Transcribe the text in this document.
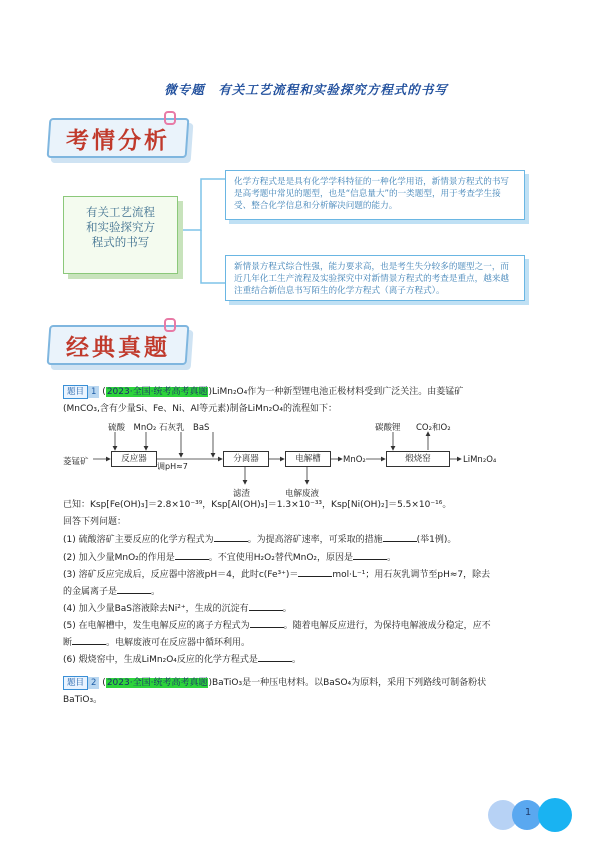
微专题　有关工艺流程和实验探究方程式的书写
考情分析
有关工艺流程
和实验探究方
程式的书写
化学方程式是是具有化学学科特征的一种化学用语，新情景方程式的书写是高考题中常见的题型，也是“信息量大”的一类题型，用于考查学生接受、整合化学信息和分析解决问题的能力。
新情景方程式综合性强，能力要求高，也是考生失分较多的题型之一，而近几年化工生产流程及实验探究中对新情景方程式的考查是重点，越来越注重结合新信息书写陌生的化学方程式（离子方程式）。
经典真题
题目 1 (2023·全国·统考高考真题)LiMn₂O₄作为一种新型锂电池正极材料受到广泛关注。由菱锰矿
(MnCO₃,含有少量Si、Fe、Ni、Al等元素)制备LiMn₂O₄的流程如下：
硫酸　MnO₂ 石灰乳　BaS
菱锰矿	反应器
调pH≈7
分离器
滤渣
电解槽
电解废液
MnO₂
碳酸锂 CO₂和O₂
煅烧窑	LiMn₂O₄
已知：Ksp[Fe(OH)₃]＝2.8×10⁻³⁹，Ksp[Al(OH)₃]＝1.3×10⁻³³，Ksp[Ni(OH)₂]＝5.5×10⁻¹⁶。
回答下列问题：
(1) 硫酸溶矿主要反应的化学方程式为	。为提高溶矿速率，可采取的措施	(举1例)。
(2) 加入少量MnO₂的作用是	。不宜使用H₂O₂替代MnO₂，原因是	。
(3) 溶矿反应完成后，反应器中溶液pH＝4，此时c(Fe³⁺)＝	mol·L⁻¹；用石灰乳调节至pH≈7，除去
的金属离子是	。
(4) 加入少量BaS溶液除去Ni²⁺，生成的沉淀有	。
(5) 在电解槽中，发生电解反应的离子方程式为	。随着电解反应进行，为保持电解液成分稳定，应不
断	。电解废液可在反应器中循环利用。
(6) 煅烧窑中，生成LiMn₂O₄反应的化学方程式是	。
题目 2 (2023·全国·统考高考真题)BaTiO₃是一种压电材料。以BaSO₄为原料，采用下列路线可制备粉状
BaTiO₃。
1
